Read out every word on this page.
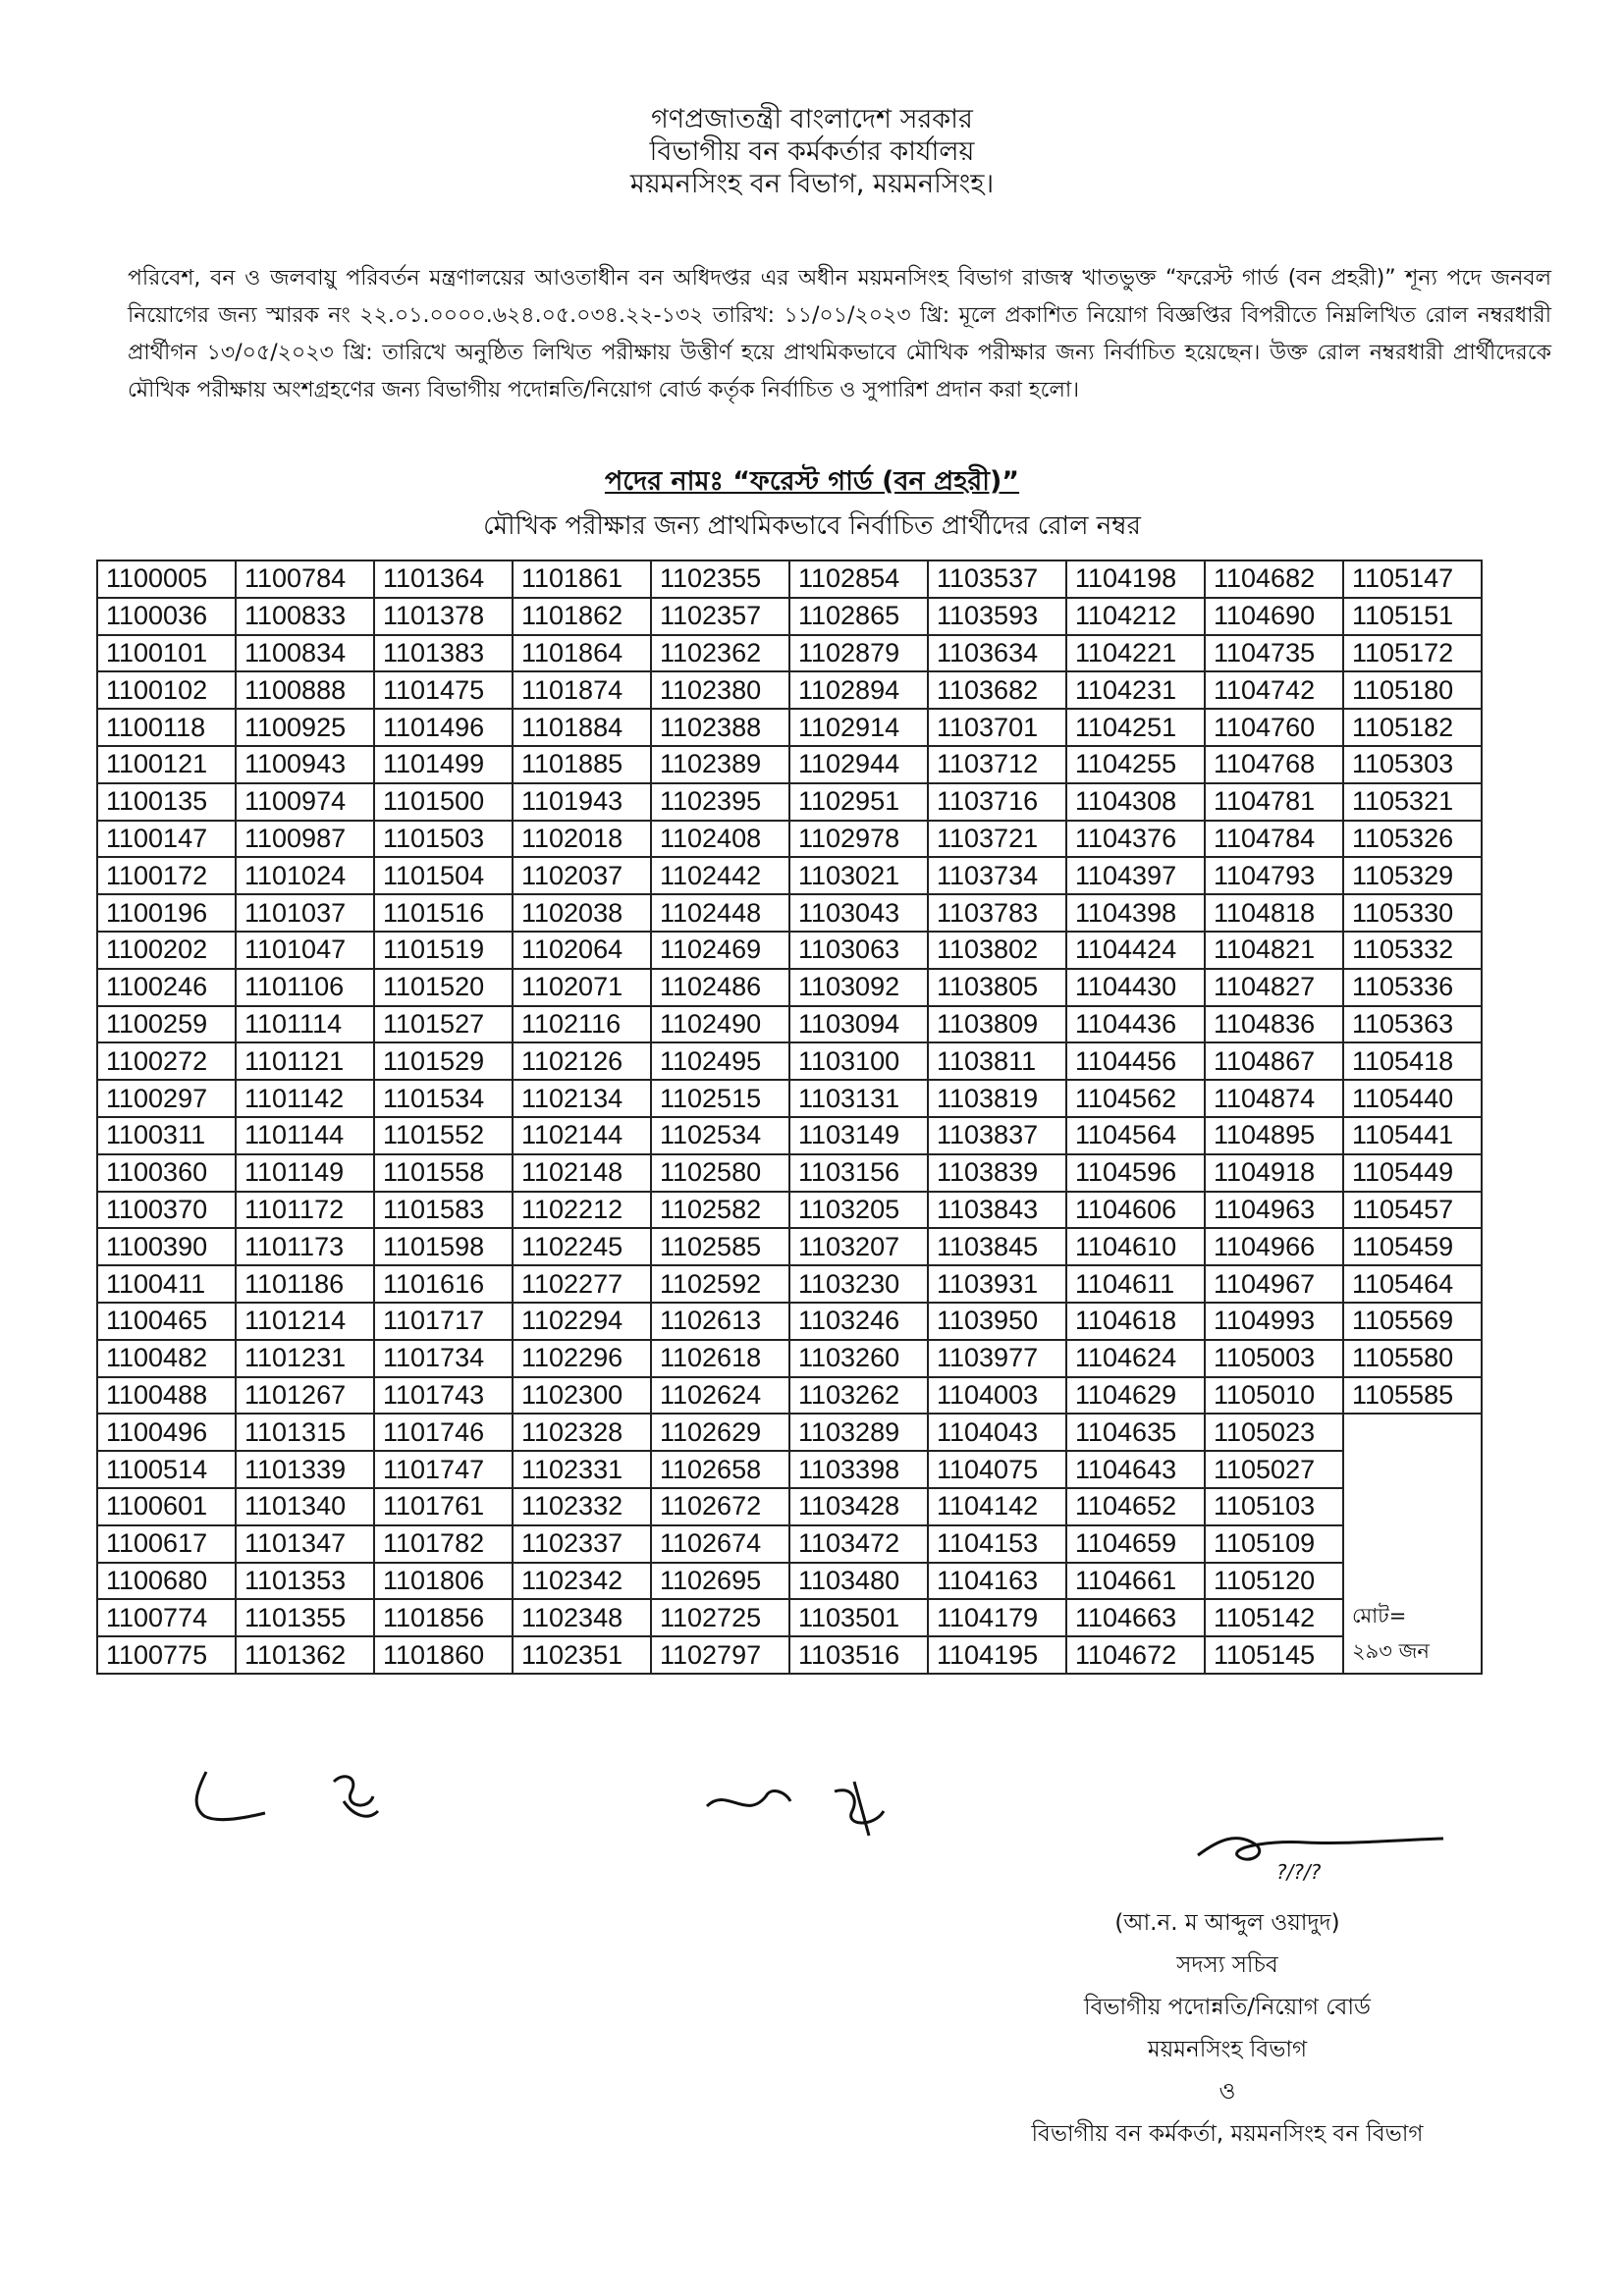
গণপ্রজাতন্ত্রী বাংলাদেশ সরকার
বিভাগীয় বন কর্মকর্তার কার্যালয়
ময়মনসিংহ বন বিভাগ, ময়মনসিংহ।
পরিবেশ, বন ও জলবায়ু পরিবর্তন মন্ত্রণালয়ের আওতাধীন বন অধিদপ্তর এর অধীন ময়মনসিংহ বিভাগ রাজস্ব খাতভুক্ত “ফরেস্ট গার্ড (বন প্রহরী)” শূন্য পদে জনবল নিয়োগের জন্য স্মারক নং ২২.০১.০০০০.৬২৪.০৫.০৩৪.২২-১৩২ তারিখ: ১১/০১/২০২৩ খ্রি: মূলে প্রকাশিত নিয়োগ বিজ্ঞপ্তির বিপরীতে নিম্নলিখিত রোল নম্বরধারী প্রার্থীগন ১৩/০৫/২০২৩ খ্রি: তারিখে অনুষ্ঠিত লিখিত পরীক্ষায় উত্তীর্ণ হয়ে প্রাথমিকভাবে মৌখিক পরীক্ষার জন্য নির্বাচিত হয়েছেন। উক্ত রোল নম্বরধারী প্রার্থীদেরকে মৌখিক পরীক্ষায় অংশগ্রহণের জন্য বিভাগীয় পদোন্নতি/নিয়োগ বোর্ড কর্তৃক নির্বাচিত ও সুপারিশ প্রদান করা হলো।
পদের নামঃ “ফরেস্ট গার্ড (বন প্রহরী)”
মৌখিক পরীক্ষার জন্য প্রাথমিকভাবে নির্বাচিত প্রার্থীদের রোল নম্বর
1100005	1100784	1101364	1101861	1102355	1102854	1103537	1104198	1104682	1105147
1100036	1100833	1101378	1101862	1102357	1102865	1103593	1104212	1104690	1105151
1100101	1100834	1101383	1101864	1102362	1102879	1103634	1104221	1104735	1105172
1100102	1100888	1101475	1101874	1102380	1102894	1103682	1104231	1104742	1105180
1100118	1100925	1101496	1101884	1102388	1102914	1103701	1104251	1104760	1105182
1100121	1100943	1101499	1101885	1102389	1102944	1103712	1104255	1104768	1105303
1100135	1100974	1101500	1101943	1102395	1102951	1103716	1104308	1104781	1105321
1100147	1100987	1101503	1102018	1102408	1102978	1103721	1104376	1104784	1105326
1100172	1101024	1101504	1102037	1102442	1103021	1103734	1104397	1104793	1105329
1100196	1101037	1101516	1102038	1102448	1103043	1103783	1104398	1104818	1105330
1100202	1101047	1101519	1102064	1102469	1103063	1103802	1104424	1104821	1105332
1100246	1101106	1101520	1102071	1102486	1103092	1103805	1104430	1104827	1105336
1100259	1101114	1101527	1102116	1102490	1103094	1103809	1104436	1104836	1105363
1100272	1101121	1101529	1102126	1102495	1103100	1103811	1104456	1104867	1105418
1100297	1101142	1101534	1102134	1102515	1103131	1103819	1104562	1104874	1105440
1100311	1101144	1101552	1102144	1102534	1103149	1103837	1104564	1104895	1105441
1100360	1101149	1101558	1102148	1102580	1103156	1103839	1104596	1104918	1105449
1100370	1101172	1101583	1102212	1102582	1103205	1103843	1104606	1104963	1105457
1100390	1101173	1101598	1102245	1102585	1103207	1103845	1104610	1104966	1105459
1100411	1101186	1101616	1102277	1102592	1103230	1103931	1104611	1104967	1105464
1100465	1101214	1101717	1102294	1102613	1103246	1103950	1104618	1104993	1105569
1100482	1101231	1101734	1102296	1102618	1103260	1103977	1104624	1105003	1105580
1100488	1101267	1101743	1102300	1102624	1103262	1104003	1104629	1105010	1105585
1100496	1101315	1101746	1102328	1102629	1103289	1104043	1104635	1105023	মোট=
২৯৩ জন

1100514	1101339	1101747	1102331	1102658	1103398	1104075	1104643	1105027	
1100601	1101340	1101761	1102332	1102672	1103428	1104142	1104652	1105103	
1100617	1101347	1101782	1102337	1102674	1103472	1104153	1104659	1105109	
1100680	1101353	1101806	1102342	1102695	1103480	1104163	1104661	1105120	
1100774	1101355	1101856	1102348	1102725	1103501	1104179	1104663	1105142	
1100775	1101362	1101860	1102351	1102797	1103516	1104195	1104672	1105145	
?/?/?
(আ.ন. ম আব্দুল ওয়াদুদ)
সদস্য সচিব
বিভাগীয় পদোন্নতি/নিয়োগ বোর্ড
ময়মনসিংহ বিভাগ
ও
বিভাগীয় বন কর্মকর্তা, ময়মনসিংহ বন বিভাগ
